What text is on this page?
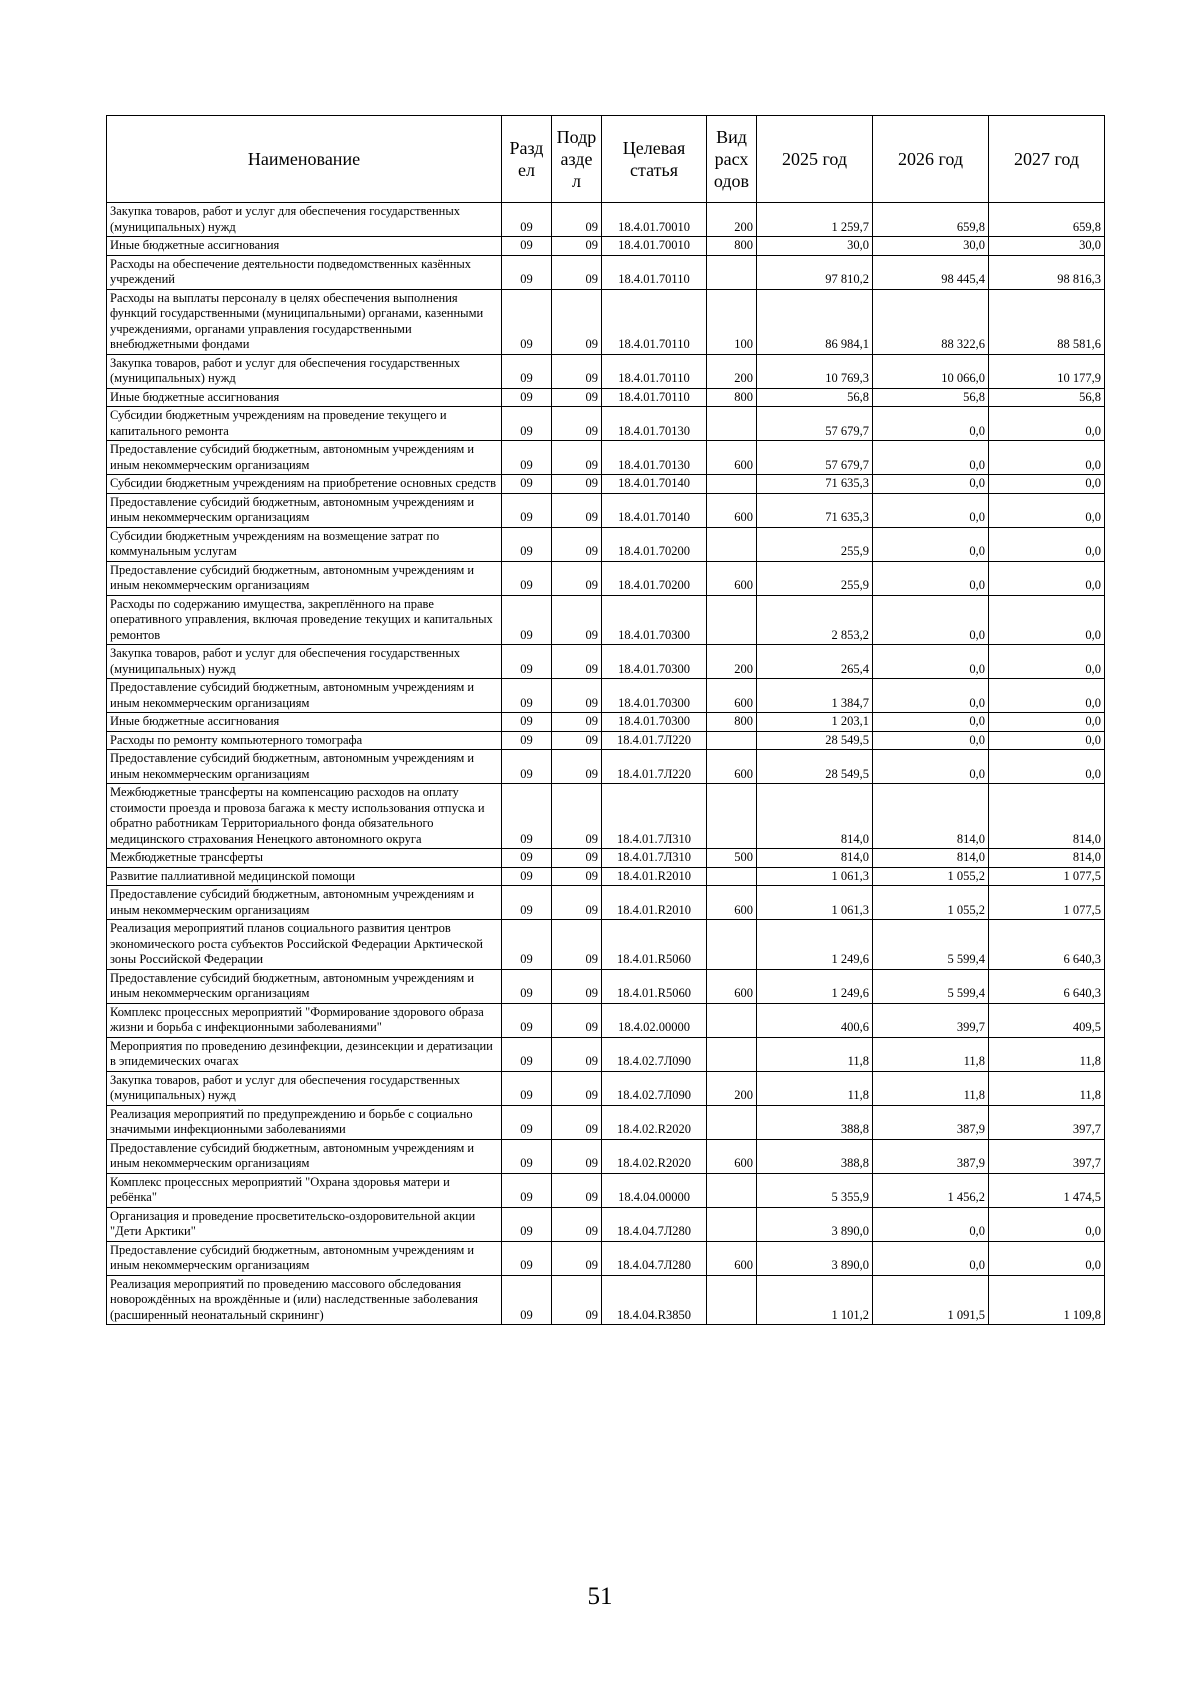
Наименование	Разд ел	Подр азде л	Целевая статья	Вид расх одов	2025 год	2026 год	2027 год
Закупка товаров, работ и услуг для обеспечения государственных (муниципальных) нужд	09	09	18.4.01.70010	200	1 259,7	659,8	659,8
Иные бюджетные ассигнования	09	09	18.4.01.70010	800	30,0	30,0	30,0
Расходы на обеспечение деятельности подведомственных казённых учреждений	09	09	18.4.01.70110		97 810,2	98 445,4	98 816,3
Расходы на выплаты персоналу в целях обеспечения выполнения функций государственными (муниципальными) органами, казенными учреждениями, органами управления государственными внебюджетными фондами	09	09	18.4.01.70110	100	86 984,1	88 322,6	88 581,6
Закупка товаров, работ и услуг для обеспечения государственных (муниципальных) нужд	09	09	18.4.01.70110	200	10 769,3	10 066,0	10 177,9
Иные бюджетные ассигнования	09	09	18.4.01.70110	800	56,8	56,8	56,8
Субсидии бюджетным учреждениям на проведение текущего и капитального ремонта	09	09	18.4.01.70130		57 679,7	0,0	0,0
Предоставление субсидий бюджетным, автономным учреждениям и иным некоммерческим организациям	09	09	18.4.01.70130	600	57 679,7	0,0	0,0
Субсидии бюджетным учреждениям на приобретение основных средств	09	09	18.4.01.70140		71 635,3	0,0	0,0
Предоставление субсидий бюджетным, автономным учреждениям и иным некоммерческим организациям	09	09	18.4.01.70140	600	71 635,3	0,0	0,0
Субсидии бюджетным учреждениям на возмещение затрат по коммунальным услугам	09	09	18.4.01.70200		255,9	0,0	0,0
Предоставление субсидий бюджетным, автономным учреждениям и иным некоммерческим организациям	09	09	18.4.01.70200	600	255,9	0,0	0,0
Расходы по содержанию имущества, закреплённого на праве оперативного управления, включая проведение текущих и капитальных ремонтов	09	09	18.4.01.70300		2 853,2	0,0	0,0
Закупка товаров, работ и услуг для обеспечения государственных (муниципальных) нужд	09	09	18.4.01.70300	200	265,4	0,0	0,0
Предоставление субсидий бюджетным, автономным учреждениям и иным некоммерческим организациям	09	09	18.4.01.70300	600	1 384,7	0,0	0,0
Иные бюджетные ассигнования	09	09	18.4.01.70300	800	1 203,1	0,0	0,0
Расходы по ремонту компьютерного томографа	09	09	18.4.01.7Л220		28 549,5	0,0	0,0
Предоставление субсидий бюджетным, автономным учреждениям и иным некоммерческим организациям	09	09	18.4.01.7Л220	600	28 549,5	0,0	0,0
Межбюджетные трансферты на компенсацию расходов на оплату стоимости проезда и провоза багажа к месту использования отпуска и обратно работникам Территориального фонда обязательного медицинского страхования Ненецкого автономного округа	09	09	18.4.01.7Л310		814,0	814,0	814,0
Межбюджетные трансферты	09	09	18.4.01.7Л310	500	814,0	814,0	814,0
Развитие паллиативной медицинской помощи	09	09	18.4.01.R2010		1 061,3	1 055,2	1 077,5
Предоставление субсидий бюджетным, автономным учреждениям и иным некоммерческим организациям	09	09	18.4.01.R2010	600	1 061,3	1 055,2	1 077,5
Реализация мероприятий планов социального развития центров экономического роста субъектов Российской Федерации Арктической зоны Российской Федерации	09	09	18.4.01.R5060		1 249,6	5 599,4	6 640,3
Предоставление субсидий бюджетным, автономным учреждениям и иным некоммерческим организациям	09	09	18.4.01.R5060	600	1 249,6	5 599,4	6 640,3
Комплекс процессных мероприятий "Формирование здорового образа жизни и борьба с инфекционными заболеваниями"	09	09	18.4.02.00000		400,6	399,7	409,5
Мероприятия по проведению дезинфекции, дезинсекции и дератизации в эпидемических очагах	09	09	18.4.02.7Л090		11,8	11,8	11,8
Закупка товаров, работ и услуг для обеспечения государственных (муниципальных) нужд	09	09	18.4.02.7Л090	200	11,8	11,8	11,8
Реализация мероприятий по предупреждению и борьбе с социально значимыми инфекционными заболеваниями	09	09	18.4.02.R2020		388,8	387,9	397,7
Предоставление субсидий бюджетным, автономным учреждениям и иным некоммерческим организациям	09	09	18.4.02.R2020	600	388,8	387,9	397,7
Комплекс процессных мероприятий "Охрана здоровья матери и ребёнка"	09	09	18.4.04.00000		5 355,9	1 456,2	1 474,5
Организация и проведение просветительско-оздоровительной акции "Дети Арктики"	09	09	18.4.04.7Л280		3 890,0	0,0	0,0
Предоставление субсидий бюджетным, автономным учреждениям и иным некоммерческим организациям	09	09	18.4.04.7Л280	600	3 890,0	0,0	0,0
Реализация мероприятий по проведению массового обследования новорождённых на врождённые и (или) наследственные заболевания (расширенный неонатальный скрининг)	09	09	18.4.04.R3850		1 101,2	1 091,5	1 109,8
51
